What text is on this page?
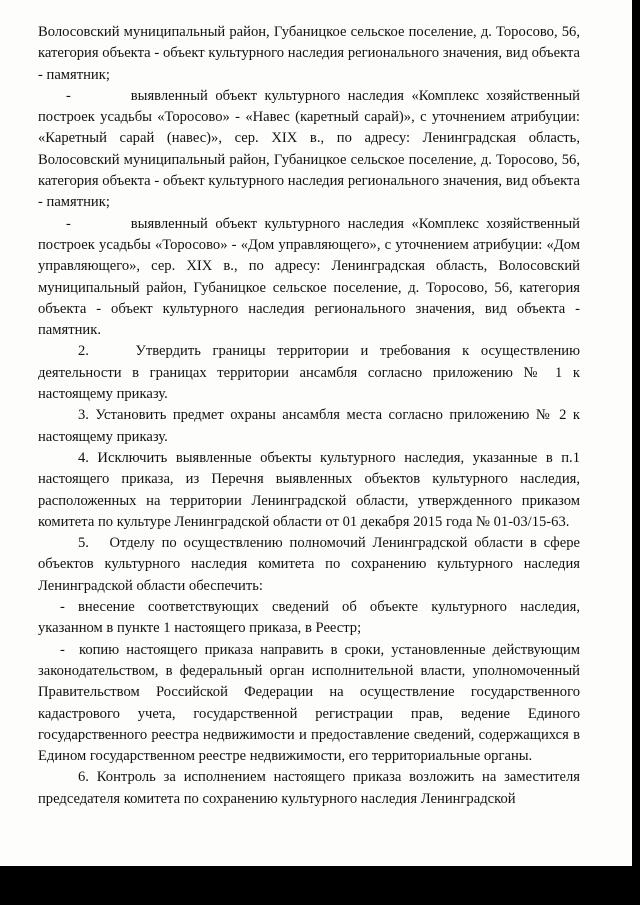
Волосовский муниципальный район, Губаницкое сельское поселение, д. Торосово, 56, категория объекта - объект культурного наследия регионального значения, вид объекта - памятник;

-        выявленный объект культурного наследия «Комплекс хозяйственный построек усадьбы «Торосово» - «Навес (каретный сарай)», с уточнением атрибуции: «Каретный сарай (навес)», сер. XIX в., по адресу: Ленинградская область, Волосовский муниципальный район, Губаницкое сельское поселение, д. Торосово, 56, категория объекта - объект культурного наследия регионального значения, вид объекта - памятник;

-        выявленный объект культурного наследия «Комплекс хозяйственный построек усадьбы «Торосово» - «Дом управляющего», с уточнением атрибуции: «Дом управляющего», сер. XIX в., по адресу: Ленинградская область, Волосовский муниципальный район, Губаницкое сельское поселение, д. Торосово, 56, категория объекта - объект культурного наследия регионального значения, вид объекта - памятник.

2.    Утвердить границы территории и требования к осуществлению деятельности в границах территории ансамбля согласно приложению № 1 к настоящему приказу.

3. Установить предмет охраны ансамбля места согласно приложению № 2 к настоящему приказу.

4. Исключить выявленные объекты культурного наследия, указанные в п.1 настоящего приказа, из Перечня выявленных объектов культурного наследия, расположенных на территории Ленинградской области, утвержденного приказом комитета по культуре Ленинградской области от 01 декабря 2015 года № 01-03/15-63.

5.   Отделу по осуществлению полномочий Ленинградской области в сфере объектов культурного наследия комитета по сохранению культурного наследия Ленинградской области обеспечить:

- внесение соответствующих сведений об объекте культурного наследия, указанном в пункте 1 настоящего приказа, в Реестр;

-  копию настоящего приказа направить в сроки, установленные действующим законодательством, в федеральный орган исполнительной власти, уполномоченный Правительством Российской Федерации на осуществление государственного кадастрового учета, государственной регистрации прав, ведение Единого государственного реестра недвижимости и предоставление сведений, содержащихся в Едином государственном реестре недвижимости, его территориальные органы.

6. Контроль за исполнением настоящего приказа возложить на заместителя председателя комитета по сохранению культурного наследия Ленинградской
